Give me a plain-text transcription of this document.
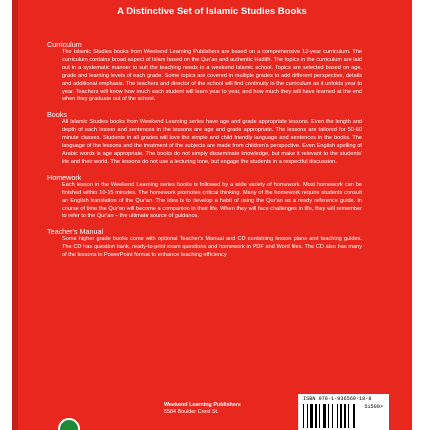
A Distinctive Set of Islamic Studies Books
Curriculum

The Islamic Studies books from Weekend Learning Publishers are based on a comprehensive 12-year curriculum. The curriculum contains broad aspect of Islam based on the Qur'an and authentic Hadith. The topics in the curriculum are laid out in a systematic manner to suit the teaching needs in a weekend Islamic school. Topics are selected based on age, grade and learning levels of each grade. Some topics are covered in multiple grades to add different perspective, details and additional emphasis. The teachers and director of the school will find continuity in the curriculum as it unfolds year to year. Teachers will know how much each student will learn year to year, and how much they will have learned at the end when they graduate out of the school.

Books

All Islamic Studies books from Weekend Learning series have age and grade appropriate lessons. Even the length and depth of each lesson and sentences in the lessons are age and grade appropriate. The lessons are tailored for 50-60 minute classes. Students in all grades will love the simple and child friendly language and sentences in the books. The language of the lessons and the treatment of the subjects are made from children's perspective. Even English spelling of Arabic words is age appropriate. The books do not simply disseminate knowledge, but make it relevant to the students' life and their world. The lessons do not use a lecturing tone, but engage the students in a respectful discussion.

Homework

Each lesson in the Weekend Learning series books is followed by a wide variety of homework. Most homework can be finished within 10-15 minutes. The homework promotes critical thinking. Many of the homework require students consult an English translation of the Qur'an. The idea is to develop a habit of using the Qur'an as a ready reference guide. In course of time the Qur'an will become a companion in their life. When they will face challenges in life, they will remember to refer to the Qur'an – the ultimate source of guidance.

Teacher's Manual

Some higher grade books come with optional Teacher's Manual and CD containing lesson plans and teaching guides. The CD has question bank, ready-to-print exam questions and homework in PDF and Word files. The CD also has many of the lessons in PowerPoint format to enhance teaching efficiency

Weekend Learning Publishers
5584 Boulder Crest St.
ISBN 978-1-936569-18-8
51500>
